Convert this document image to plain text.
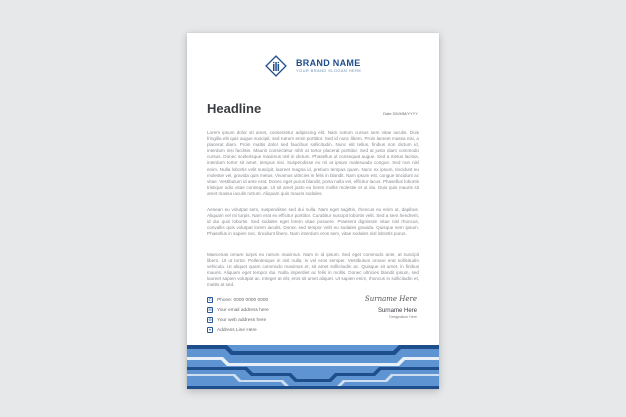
BRAND NAME
YOUR BRAND SLOGAN HERE
Headline	Date DD/MM/YYYY

Lorem ipsum dolor sit amet, consectetur adipiscing elit. Nam rutrum cursus sem vitae iaculis. Duis fringilla elit quis augue suscipit, sed rutrum enim porttitor. Sed id nunc libero. Proin laoreet massa nisi, a placerat diam. Proin mattis dolor sed faucibus sollicitudin. Nunc elit tellus, finibus non dictum id, interdum nisi facilisis. Mauris consectetur nibh at tortor placerat porttitor. Sed at justo diam commodo cursus. Donec scelerisque maximus nisl in dictum. Phasellus ut consequat augue. Sed a metus lacinia, interdum tortor sit amet, tempus nisi. Suspendisse eu mi at ipsum malesuada congue. Sed non nisl enim. Nulla lobortis velit suscipit, laoreet magna id, pretium tempus quam. Nunc ex ipsum, tincidunt eu molestie vel, gravida quis metus. Vivamus ultricies in felis in blandit. Nam ipsum est, congue tincidunt ac vitae. Vestibulum id ante erat. Donec eget purus blandit, porta nulla vel, efficitur lacus. Phasellus lobortis tristique odio vitae consequat. Ut sit amet justo eu lorem mollis molestie et ut dui. Duis quis mauris sit amet massa iaculis rutrum. Aliquam quis mauris sodales.

Aenean eu volutpat sem, suspendisse sed dui nulla. Nam eget sagittis, rhoncus eu enim ut, dapibus. Aliquam vel mi turpis. Nam erat ex efficitur porttitor. Curabitur suscipit lobortis velit. Sed a sem hendrerit, id dui quis lobortis. Sed sodales eget lorem vitae posuere. Praesent dignissim vitae nisl rhoncus, convallis quis volutpat lorem iaculis. Donec sed tempor velit eu sodales gravida. Quisque sem ipsum. Phasellus in sapien nec, tincidunt libero. Nam interdum eros sem, vitae sodales nisl lobortis purus.

Maecenas ornare turpis eu rutrum maximus. Nam in id ipsum. Sed eget commodo ante, at suscipit libero. Ut ut tortor. Pellentesque in nisl nulla, in vel eros semper. Vestibulum ornare erat sollicitudin vehicula. Ut aliquet quam commodo maximus et, sit amet sollicitudin ac. Quisque sit amet, in finibus mauris. Aliquam eget tempor dui. Nulla imperdiet ac felis in mollis. Donec ultricies blandit ipsum, sed laoreet sapien volutpat ac. Integer at elit, eros sit amet aliquet. Ut sapien enim, rhoncus in sollicitudin et, mattis at sed.

✆ Phone: 0000 0000 0000
✉ Your email address here
⊕ Your web address here
⌖	Address Line Here
Surname Here
Surname Here
Designation Here
